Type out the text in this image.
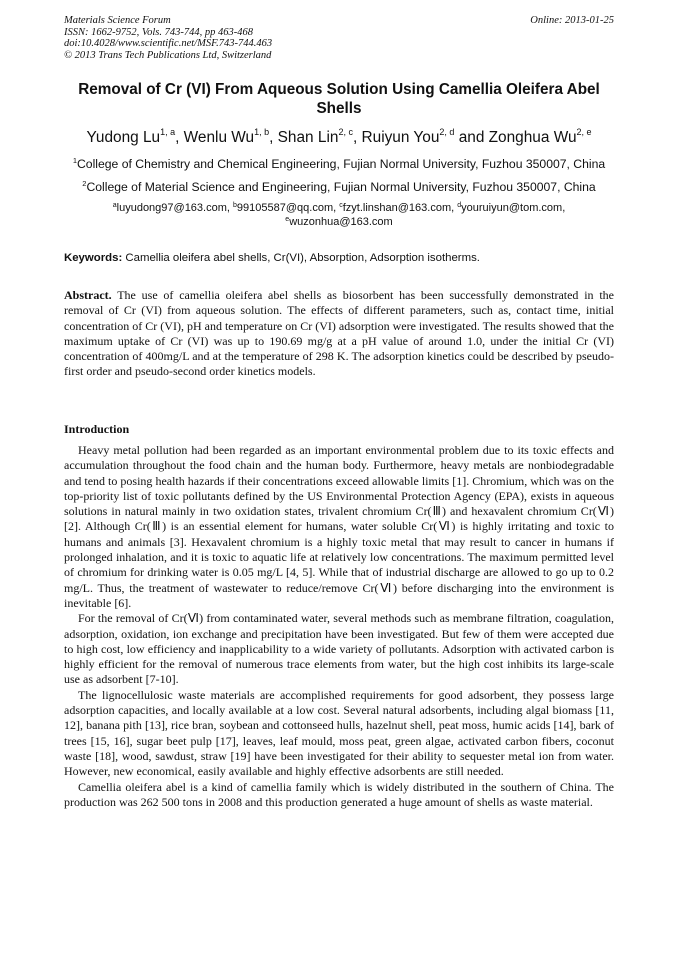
Materials Science Forum
ISSN: 1662-9752, Vols. 743-744, pp 463-468
doi:10.4028/www.scientific.net/MSF.743-744.463
© 2013 Trans Tech Publications Ltd, Switzerland
Online: 2013-01-25
Removal of Cr (VI) From Aqueous Solution Using Camellia Oleifera Abel Shells
Yudong Lu$^{1, a}$, Wenlu Wu$^{1, b}$, Shan Lin$^{2, c}$, Ruiyun You$^{2, d}$ and Zonghua Wu$^{2, e}$
$^1$College of Chemistry and Chemical Engineering, Fujian Normal University, Fuzhou 350007, China
$^2$College of Material Science and Engineering, Fujian Normal University, Fuzhou 350007, China
$^a$luyudong97@163.com, $^b$99105587@qq.com, $^c$fzyt.linshan@163.com, $^d$youruiyun@tom.com, $^e$wuzonhua@163.com
Keywords: Camellia oleifera abel shells, Cr(VI), Absorption, Adsorption isotherms.
Abstract. The use of camellia oleifera abel shells as biosorbent has been successfully demonstrated in the removal of Cr (VI) from aqueous solution. The effects of different parameters, such as, contact time, initial concentration of Cr (VI), pH and temperature on Cr (VI) adsorption were investigated. The results showed that the maximum uptake of Cr (VI) was up to 190.69 mg/g at a pH value of around 1.0, under the initial Cr (VI) concentration of 400mg/L and at the temperature of 298 K. The adsorption kinetics could be described by pseudo-first order and pseudo-second order kinetics models.
Introduction

Heavy metal pollution had been regarded as an important environmental problem due to its toxic effects and accumulation throughout the food chain and the human body. Furthermore, heavy metals are nonbiodegradable and tend to posing health hazards if their concentrations exceed allowable limits [1]. Chromium, which was on the top-priority list of toxic pollutants defined by the US Environmental Protection Agency (EPA), exists in aqueous solutions in natural mainly in two oxidation states, trivalent chromium Cr(Ⅲ) and hexavalent chromium Cr(Ⅵ) [2]. Although Cr(Ⅲ) is an essential element for humans, water soluble Cr(Ⅵ) is highly irritating and toxic to humans and animals [3]. Hexavalent chromium is a highly toxic metal that may result to cancer in humans if prolonged inhalation, and it is toxic to aquatic life at relatively low concentrations. The maximum permitted level of chromium for drinking water is 0.05 mg/L [4, 5]. While that of industrial discharge are allowed to go up to 0.2 mg/L. Thus, the treatment of wastewater to reduce/remove Cr(Ⅵ) before discharging into the environment is inevitable [6].

For the removal of Cr(Ⅵ) from contaminated water, several methods such as membrane filtration, coagulation, adsorption, oxidation, ion exchange and precipitation have been investigated. But few of them were accepted due to high cost, low efficiency and inapplicability to a wide variety of pollutants. Adsorption with activated carbon is highly efficient for the removal of numerous trace elements from water, but the high cost inhibits its large-scale use as adsorbent [7-10].

The lignocellulosic waste materials are accomplished requirements for good adsorbent, they possess large adsorption capacities, and locally available at a low cost. Several natural adsorbents, including algal biomass [11, 12], banana pith [13], rice bran, soybean and cottonseed hulls, hazelnut shell, peat moss, humic acids [14], bark of trees [15, 16], sugar beet pulp [17], leaves, leaf mould, moss peat, green algae, activated carbon fibers, coconut waste [18], wood, sawdust, straw [19] have been investigated for their ability to sequester metal ion from water. However, new economical, easily available and highly effective adsorbents are still needed.

Camellia oleifera abel is a kind of camellia family which is widely distributed in the southern of China. The production was 262 500 tons in 2008 and this production generated a huge amount of shells as waste material.
